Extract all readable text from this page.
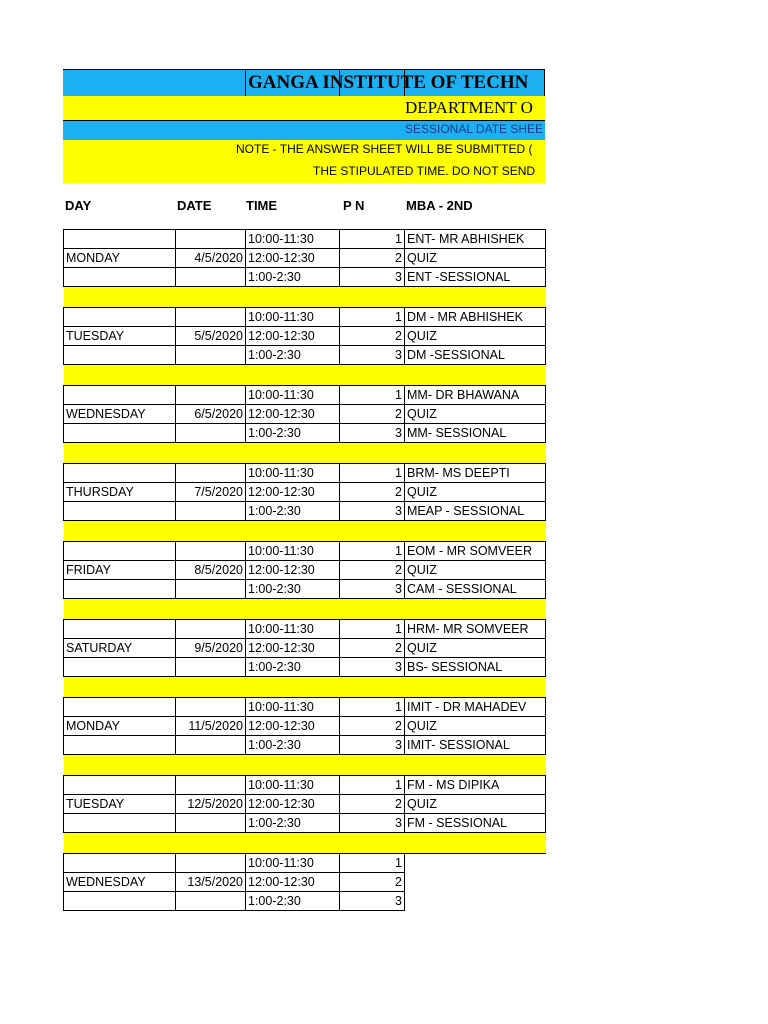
GANGA INSTITUTE OF TECHN
DEPARTMENT O
SESSIONAL DATE SHEE
NOTE - THE ANSWER SHEET WILL BE SUBMITTED (
THE STIPULATED TIME. DO NOT SEND
DAY	DATE	TIME	P N	MBA - 2ND
		10:00-11:30	1	ENT- MR ABHISHEK
MONDAY	4/5/2020	12:00-12:30	2	QUIZ
		1:00-2:30	3	ENT -SESSIONAL

		10:00-11:30	1	DM - MR ABHISHEK
TUESDAY	5/5/2020	12:00-12:30	2	QUIZ
		1:00-2:30	3	DM -SESSIONAL

		10:00-11:30	1	MM- DR BHAWANA
WEDNESDAY	6/5/2020	12:00-12:30	2	QUIZ
		1:00-2:30	3	MM- SESSIONAL

		10:00-11:30	1	BRM- MS DEEPTI
THURSDAY	7/5/2020	12:00-12:30	2	QUIZ
		1:00-2:30	3	MEAP - SESSIONAL

		10:00-11:30	1	EOM - MR SOMVEER
FRIDAY	8/5/2020	12:00-12:30	2	QUIZ
		1:00-2:30	3	CAM - SESSIONAL

		10:00-11:30	1	HRM- MR SOMVEER
SATURDAY	9/5/2020	12:00-12:30	2	QUIZ
		1:00-2:30	3	BS- SESSIONAL

		10:00-11:30	1	IMIT - DR MAHADEV
MONDAY	11/5/2020	12:00-12:30	2	QUIZ
		1:00-2:30	3	IMIT- SESSIONAL

		10:00-11:30	1	FM - MS DIPIKA
TUESDAY	12/5/2020	12:00-12:30	2	QUIZ
		1:00-2:30	3	FM - SESSIONAL

		10:00-11:30	1	
WEDNESDAY	13/5/2020	12:00-12:30	2	
		1:00-2:30	3	
